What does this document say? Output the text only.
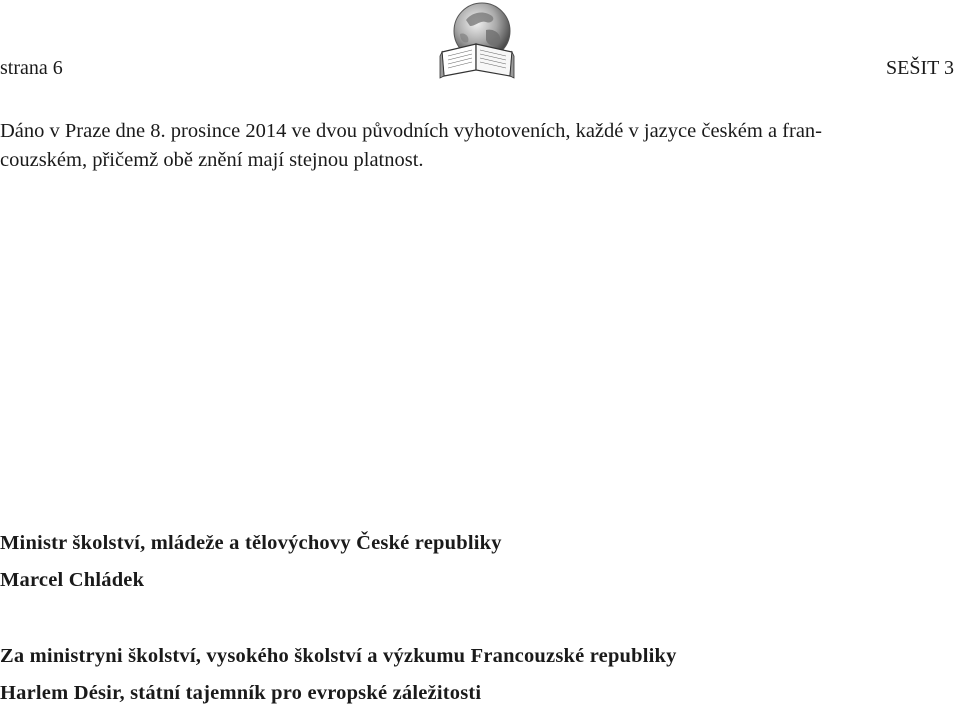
strana 6	SEŠIT 3

Dáno v Praze dne 8. prosince 2014 ve dvou původních vyhotoveních, každé v jazyce českém a fran-
couzském, přičemž obě znění mají stejnou platnost.

Ministr školství, mládeže a tělovýchovy České republiky
Marcel Chládek
Za ministryni školství, vysokého školství a výzkumu Francouzské republiky
Harlem Désir, státní tajemník pro evropské záležitosti
